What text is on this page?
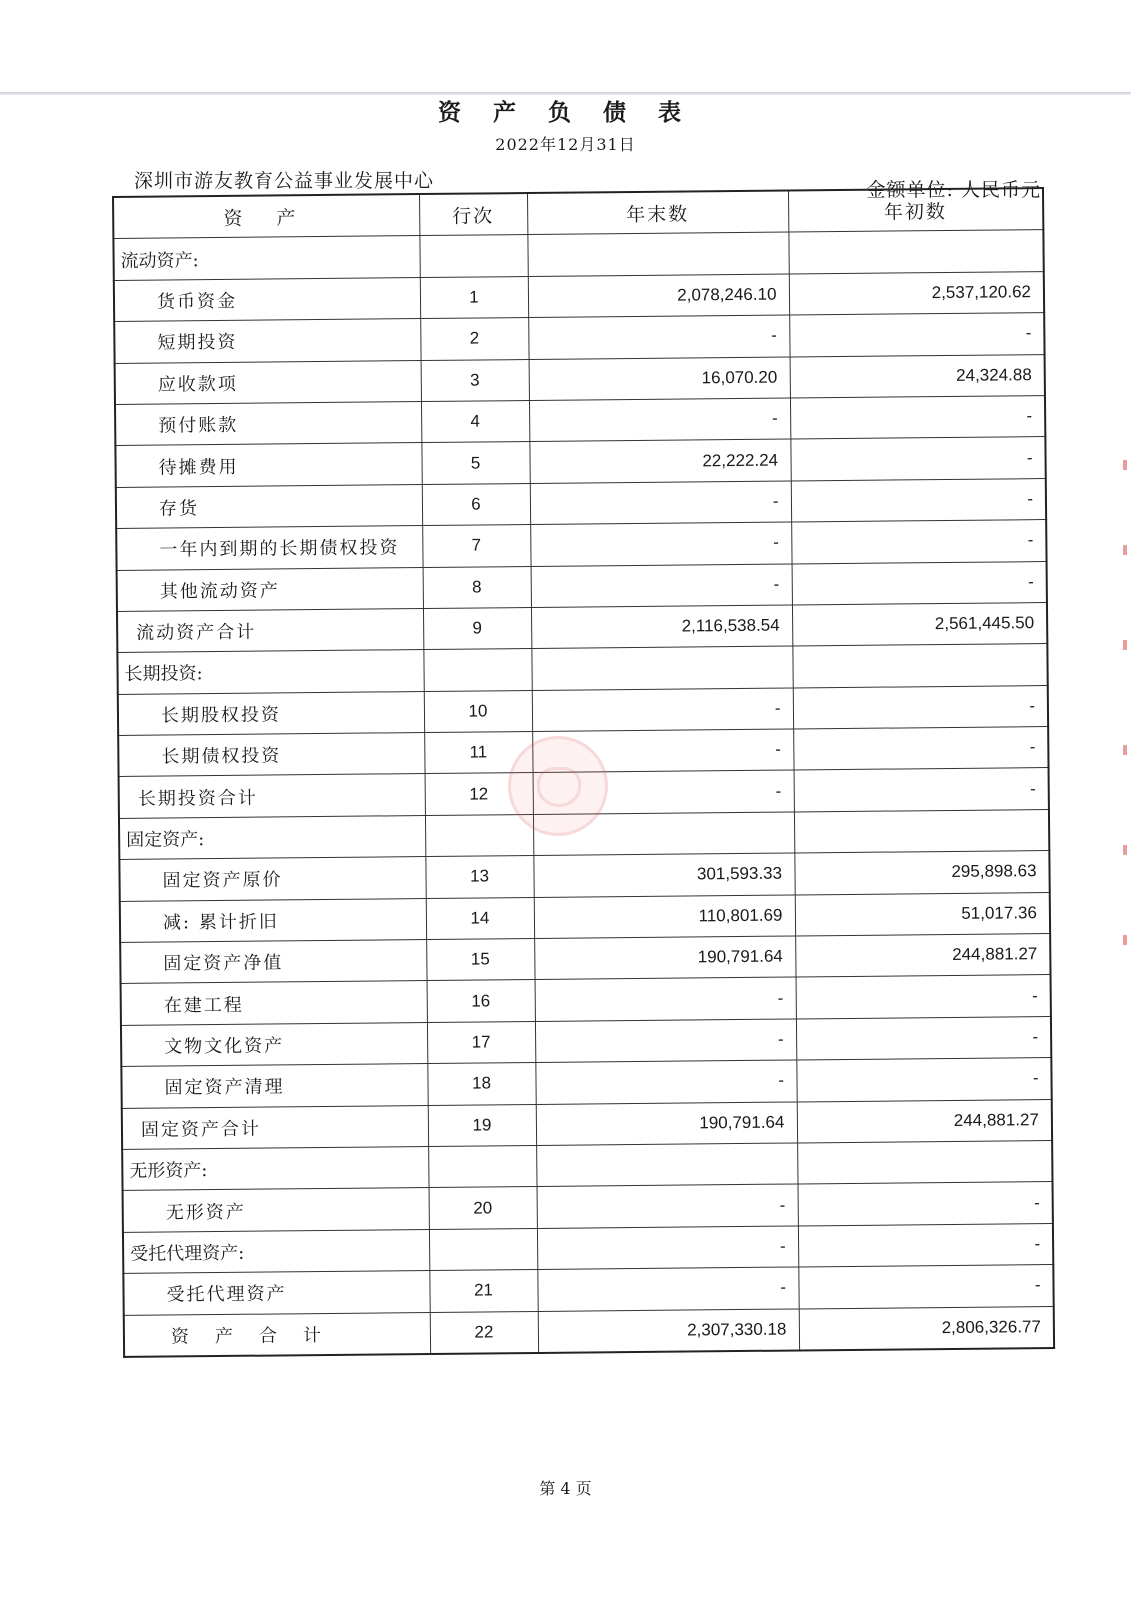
资 产 负 债 表
2022年12月31日
深圳市游友教育公益事业发展中心	金额单位: 人民币元
资 产	行次	年末数	年初数
流动资产:			
货币资金	1	2,078,246.10	2,537,120.62
短期投资	2	-	-
应收款项	3	16,070.20	24,324.88
预付账款	4	-	-
待摊费用	5	22,222.24	-
存货	6	-	-
一年内到期的长期债权投资	7	-	-
其他流动资产	8	-	-
流动资产合计	9	2,116,538.54	2,561,445.50
长期投资:			
长期股权投资	10	-	-
长期债权投资	11	-	-
长期投资合计	12	-	-
固定资产:			
固定资产原价	13	301,593.33	295,898.63
减: 累计折旧	14	110,801.69	51,017.36
固定资产净值	15	190,791.64	244,881.27
在建工程	16	-	-
文物文化资产	17	-	-
固定资产清理	18	-	-
固定资产合计	19	190,791.64	244,881.27
无形资产:			
无形资产	20	-	-
受托代理资产:		-	-
受托代理资产	21	-	-
资产合计	22	2,307,330.18	2,806,326.77
第 4 页
